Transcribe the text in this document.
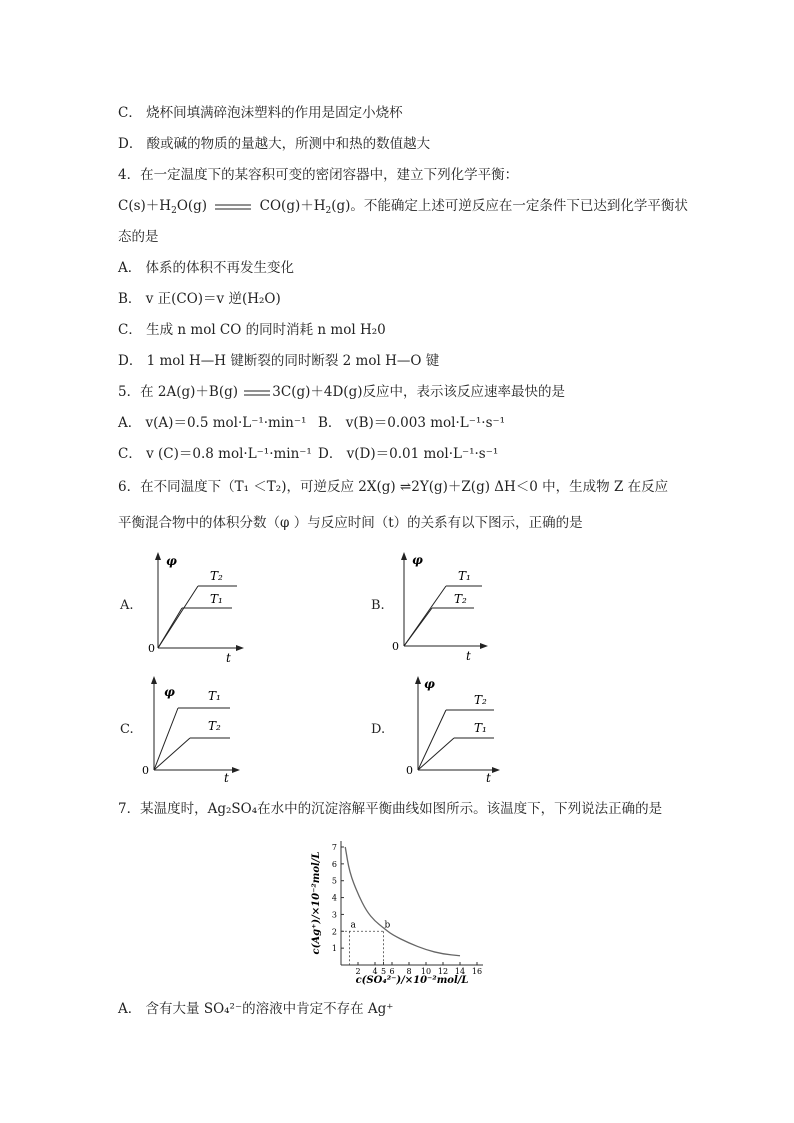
C． 烧杯间填满碎泡沫塑料的作用是固定小烧杯
D． 酸或碱的物质的量越大，所测中和热的数值越大
4．在一定温度下的某容积可变的密闭容器中，建立下列化学平衡：
$C(s)+H_2O(g)$	$CO(g)+H_2(g)$。不能确定上述可逆反应在一定条件下已达到化学平衡状
态的是
A． 体系的体积不再发生变化
B． v 正(CO)＝v 逆(H₂O)
C． 生成 n mol CO 的同时消耗 n mol H₂0
D． 1 mol H—H 键断裂的同时断裂 2 mol H—O 键
5．在 2A(g)＋B(g)	3C(g)＋4D(g)反应中，表示该反应速率最快的是
A． v(A)＝0.5 mol·L⁻¹·min⁻¹ B． v(B)＝0.003 mol·L⁻¹·s⁻¹
C． v (C)＝0.8 mol·L⁻¹·min⁻¹ D． v(D)＝0.01 mol·L⁻¹·s⁻¹
6．在不同温度下（T₁ ＜T₂)，可逆反应 2X(g) ⇌2Y(g)＋Z(g) ΔH＜0 中，生成物 Z 在反应
平衡混合物中的体积分数（φ ）与反应时间（t）的关系有以下图示，正确的是
A.
φ
0
t
T₂
T₁	B.
φ
0
t
T₁
T₂
C.
φ
0
t
T₁
T₂	D.
φ
0
t
T₂
T₁
7．某温度时，Ag₂SO₄在水中的沉淀溶解平衡曲线如图所示。该温度下，下列说法正确的是
c(Ag⁺)/×10⁻²mol/L
c(SO₄²⁻)/×10⁻²mol/L
1
2
3
4
5
6
7
2 4 5 6 8 10 12 14 16
a	b
A． 含有大量 SO₄²⁻的溶液中肯定不存在 Ag⁺
